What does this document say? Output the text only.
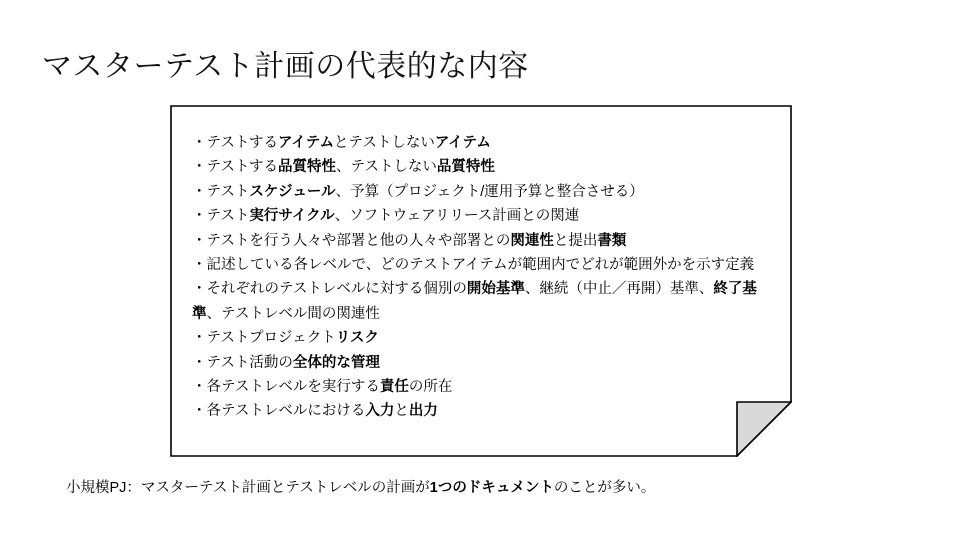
マスターテスト計画の代表的な内容
・テストするアイテムとテストしないアイテム
・テストする品質特性、テストしない品質特性
・テストスケジュール、予算（プロジェクト/運用予算と整合させる）
・テスト実行サイクル、ソフトウェアリリース計画との関連
・テストを行う人々や部署と他の人々や部署との関連性と提出書類
・記述している各レベルで、どのテストアイテムが範囲内でどれが範囲外かを示す定義
・それぞれのテストレベルに対する個別の開始基準、継続（中止／再開）基準、終了基準、テストレベル間の関連性
・テストプロジェクトリスク
・テスト活動の全体的な管理
・各テストレベルを実行する責任の所在
・各テストレベルにおける入力と出力
小規模PJ：マスターテスト計画とテストレベルの計画が1つのドキュメントのことが多い。
